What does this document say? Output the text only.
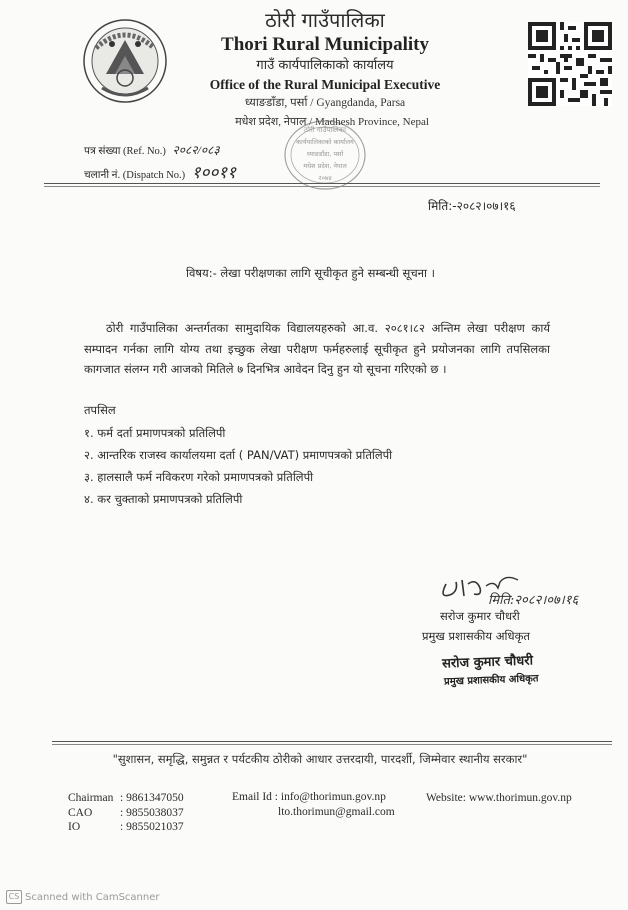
ठोरी गाउँपालिका

Thori Rural Municipality

गाउँ कार्यपालिकाको कार्यालय

Office of the Rural Municipal Executive

ध्याङडाँडा, पर्सा / Gyangdanda, Parsa

मधेश प्रदेश, नेपाल / Madhesh Province, Nepal

पत्र संख्या (Ref. No.) २०८२/०८३
चलानी नं. (Dispatch No.) १००११
ठोरी गाउँपालिका
कार्यपालिकाको कार्यालय
ध्याङडाँडा, पर्सा
मधेश प्रदेश, नेपाल
२०७४
मिति:-२०८२।०७।१६
विषय:- लेखा परीक्षणका लागि सूचीकृत हुने सम्बन्धी सूचना ।

ठोरी गाउँपालिका अन्तर्गतका सामुदायिक विद्यालयहरुको आ.व. २०८१।८२ अन्तिम लेखा परीक्षण कार्य सम्पादन गर्नका लागि योग्य तथा इच्छुक लेखा परीक्षण फर्महरुलाई सूचीकृत हुने प्रयोजनका लागि तपसिलका कागजात संलग्न गरी आजको मितिले ७ दिनभित्र आवेदन दिनु हुन यो सूचना गरिएको छ ।

तपसिल
१. फर्म दर्ता प्रमाणपत्रको प्रतिलिपी
२. आन्तरिक राजस्व कार्यालयमा दर्ता ( PAN/VAT) प्रमाणपत्रको प्रतिलिपी
३. हालसालै फर्म नविकरण गरेको प्रमाणपत्रको प्रतिलिपी
४. कर चुक्ताको प्रमाणपत्रको प्रतिलिपी
मिति:२०८२।०७।१६
सरोज कुमार चौधरी
प्रमुख प्रशासकीय अधिकृत
सरोज कुमार चौधरी
प्रमुख प्रशासकीय अधिकृत
"सुशासन, समृद्धि, समुन्नत र पर्यटकीय ठोरीको आधार उत्तरदायी, पारदर्शी, जिम्मेवार स्थानीय सरकार"
Chairman : 9861347050
CAO : 9855038037
IO	: 9855021037
Email Id : info@thorimun.gov.np
lto.thorimun@gmail.com
Website: www.thorimun.gov.np
CS Scanned with CamScanner
